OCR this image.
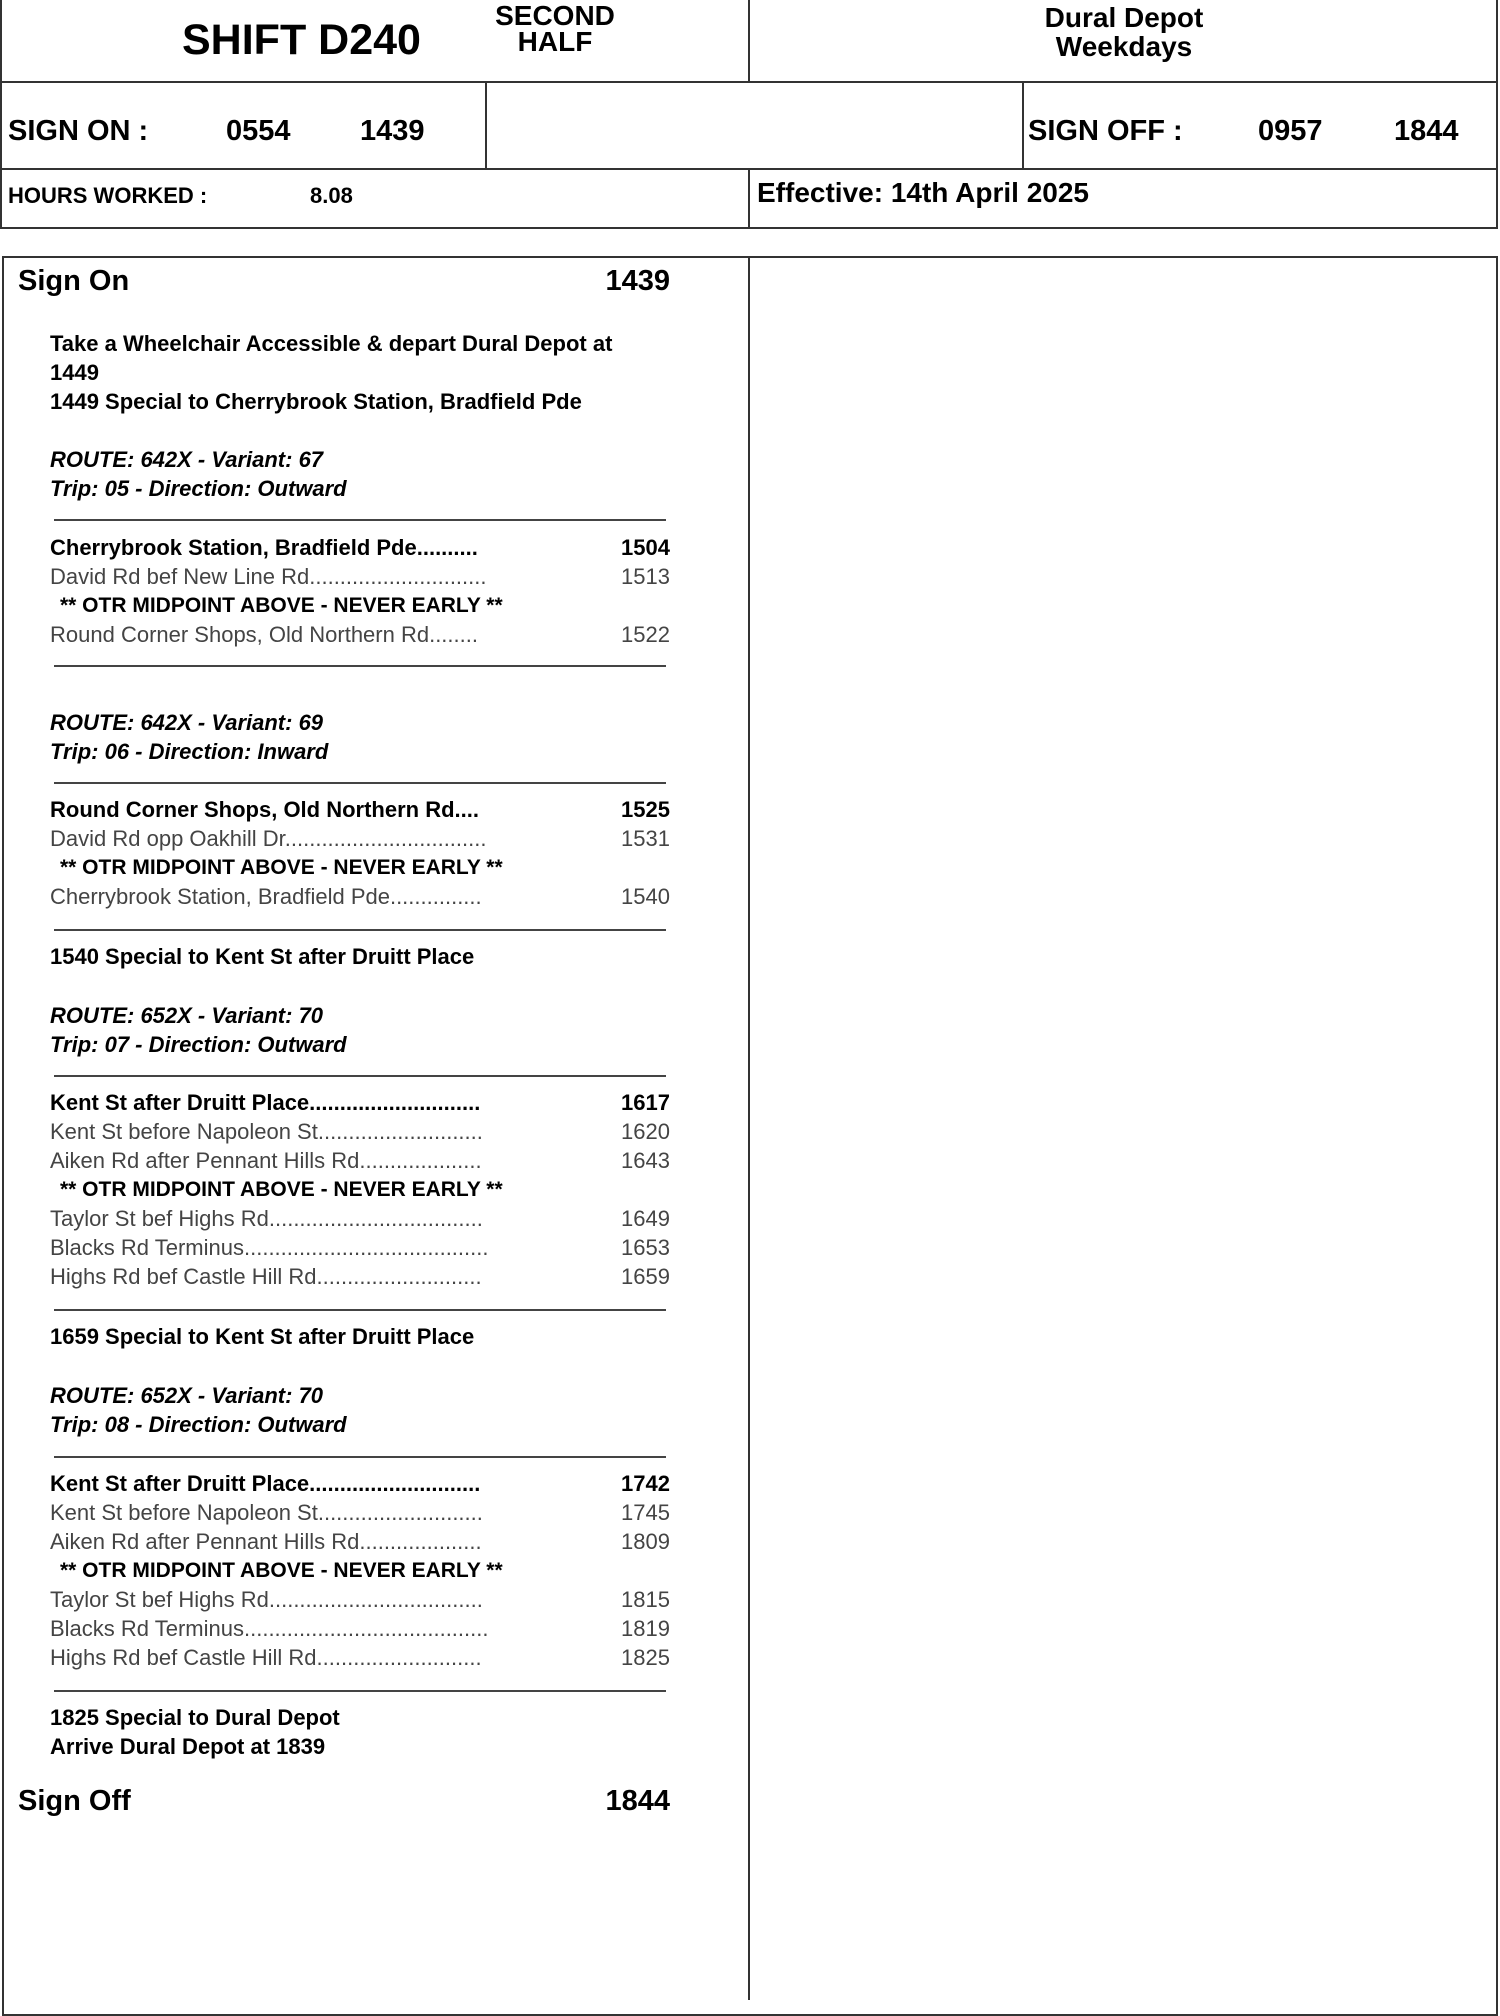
SHIFT D240
SECOND
HALF
Dural Depot
Weekdays
SIGN ON :	0554 1439	SIGN OFF :	0957 1844
HOURS WORKED :	8.08	Effective: 14th April 2025
Sign On	1439
Take a Wheelchair Accessible & depart Dural Depot at
1449
1449 Special to Cherrybrook Station, Bradfield Pde
ROUTE: 642X - Variant: 67
Trip: 05 - Direction: Outward
Cherrybrook Station, Bradfield Pde..........	1504
David Rd bef New Line Rd.............................	1513
** OTR MIDPOINT ABOVE - NEVER EARLY **
Round Corner Shops, Old Northern Rd........	1522
ROUTE: 642X - Variant: 69
Trip: 06 - Direction: Inward
Round Corner Shops, Old Northern Rd....	1525
David Rd opp Oakhill Dr.................................	1531
** OTR MIDPOINT ABOVE - NEVER EARLY **
Cherrybrook Station, Bradfield Pde...............	1540
1540 Special to Kent St after Druitt Place
ROUTE: 652X - Variant: 70
Trip: 07 - Direction: Outward
Kent St after Druitt Place............................	1617
Kent St before Napoleon St...........................	1620
Aiken Rd after Pennant Hills Rd....................	1643
** OTR MIDPOINT ABOVE - NEVER EARLY **
Taylor St bef Highs Rd...................................	1649
Blacks Rd Terminus........................................	1653
Highs Rd bef Castle Hill Rd...........................	1659
1659 Special to Kent St after Druitt Place
ROUTE: 652X - Variant: 70
Trip: 08 - Direction: Outward
Kent St after Druitt Place............................	1742
Kent St before Napoleon St...........................	1745
Aiken Rd after Pennant Hills Rd....................	1809
** OTR MIDPOINT ABOVE - NEVER EARLY **
Taylor St bef Highs Rd...................................	1815
Blacks Rd Terminus........................................	1819
Highs Rd bef Castle Hill Rd...........................	1825
1825 Special to Dural Depot
Arrive Dural Depot at 1839
Sign Off	1844
